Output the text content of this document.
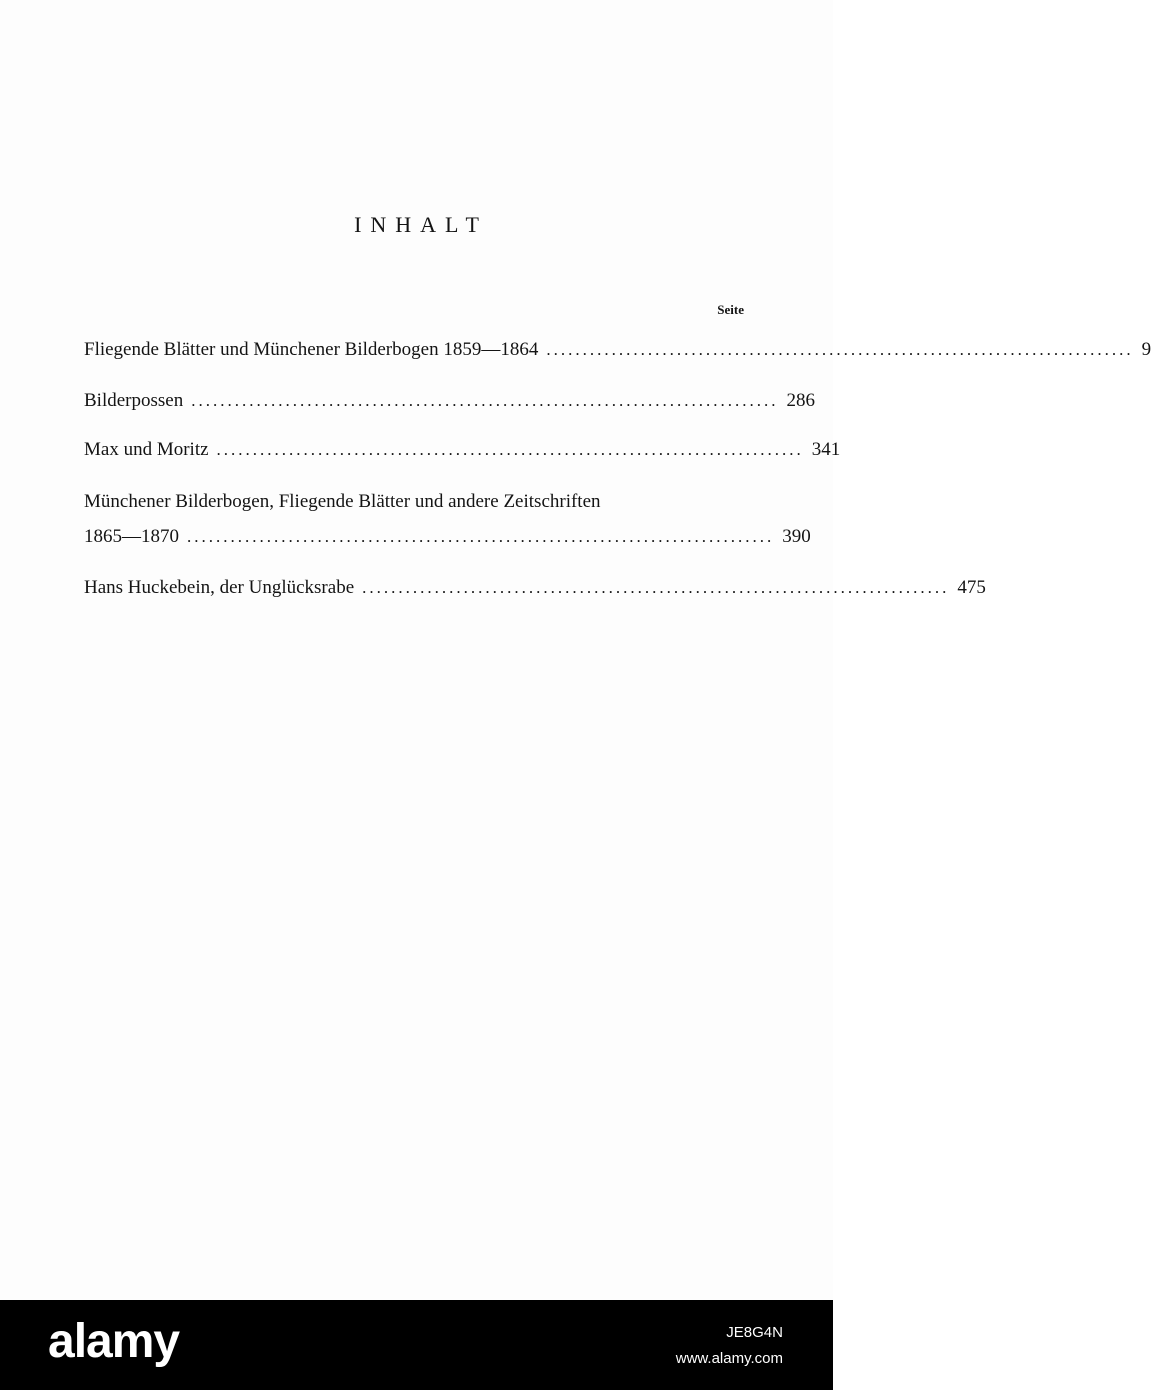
INHALT
Seite
Fliegende Blätter und Münchener Bilderbogen 1859—1864 ................................................................................. 9
Bilderpossen ................................................................................. 286
Max und Moritz ................................................................................. 341
Münchener Bilderbogen, Fliegende Blätter und andere Zeitschriften
1865—1870 ................................................................................. 390
Hans Huckebein, der Unglücksrabe ................................................................................. 475
alamy	JE8G4N
www.alamy.com
